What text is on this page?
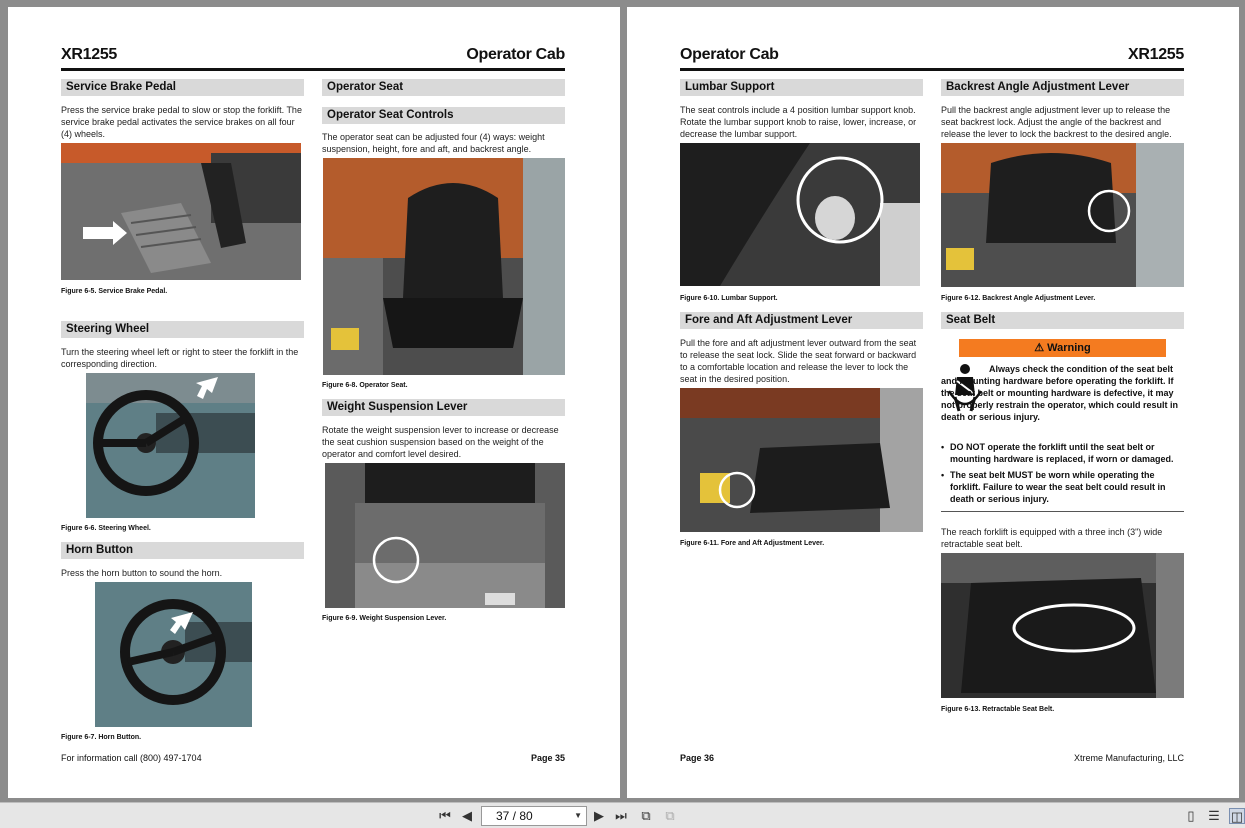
XR1255	Operator Cab
Service Brake Pedal
Press the service brake pedal to slow or stop the forklift. The service brake pedal activates the service brakes on all four (4) wheels.
Figure 6-5. Service Brake Pedal.
Steering Wheel
Turn the steering wheel left or right to steer the forklift in the corresponding direction.
Figure 6-6. Steering Wheel.
Horn Button
Press the horn button to sound the horn.
Figure 6-7. Horn Button.
Operator Seat
Operator Seat Controls
The operator seat can be adjusted four (4) ways: weight suspension, height, fore and aft, and backrest angle.
Figure 6-8. Operator Seat.
Weight Suspension Lever
Rotate the weight suspension lever to increase or decrease the seat cushion suspension based on the weight of the operator and comfort level desired.
Figure 6-9. Weight Suspension Lever.
For information call (800) 497-1704	Page 35
Operator Cab	XR1255
Lumbar Support
The seat controls include a 4 position lumbar support knob. Rotate the lumbar support knob to raise, lower, increase, or decrease the lumbar support.
Figure 6-10. Lumbar Support.
Fore and Aft Adjustment Lever
Pull the fore and aft adjustment lever outward from the seat to release the seat lock. Slide the seat forward or backward to a comfortable location and release the lever to lock the seat in the desired position.
Figure 6-11. Fore and Aft Adjustment Lever.
Backrest Angle Adjustment Lever
Pull the backrest angle adjustment lever up to release the seat backrest lock. Adjust the angle of the backrest and release the lever to lock the backrest to the desired angle.
Figure 6-12. Backrest Angle Adjustment Lever.
Seat Belt
⚠ Warning
Always check the condition of the seat belt and mounting hardware before operating the forklift. If the seat belt or mounting hardware is defective, it may not properly restrain the operator, which could result in death or serious injury.
• DO NOT operate the forklift until the seat belt or mounting hardware is replaced, if worn or damaged.
• The seat belt MUST be worn while operating the forklift. Failure to wear the seat belt could result in death or serious injury.
The reach forklift is equipped with a three inch (3") wide retractable seat belt.
Figure 6-13. Retractable Seat Belt.
Page 36	Xtreme Manufacturing, LLC
⏮ ◀	37 / 80	▼ ▶ ⏭ ⧉ ⧉	▯	☰ ◫
